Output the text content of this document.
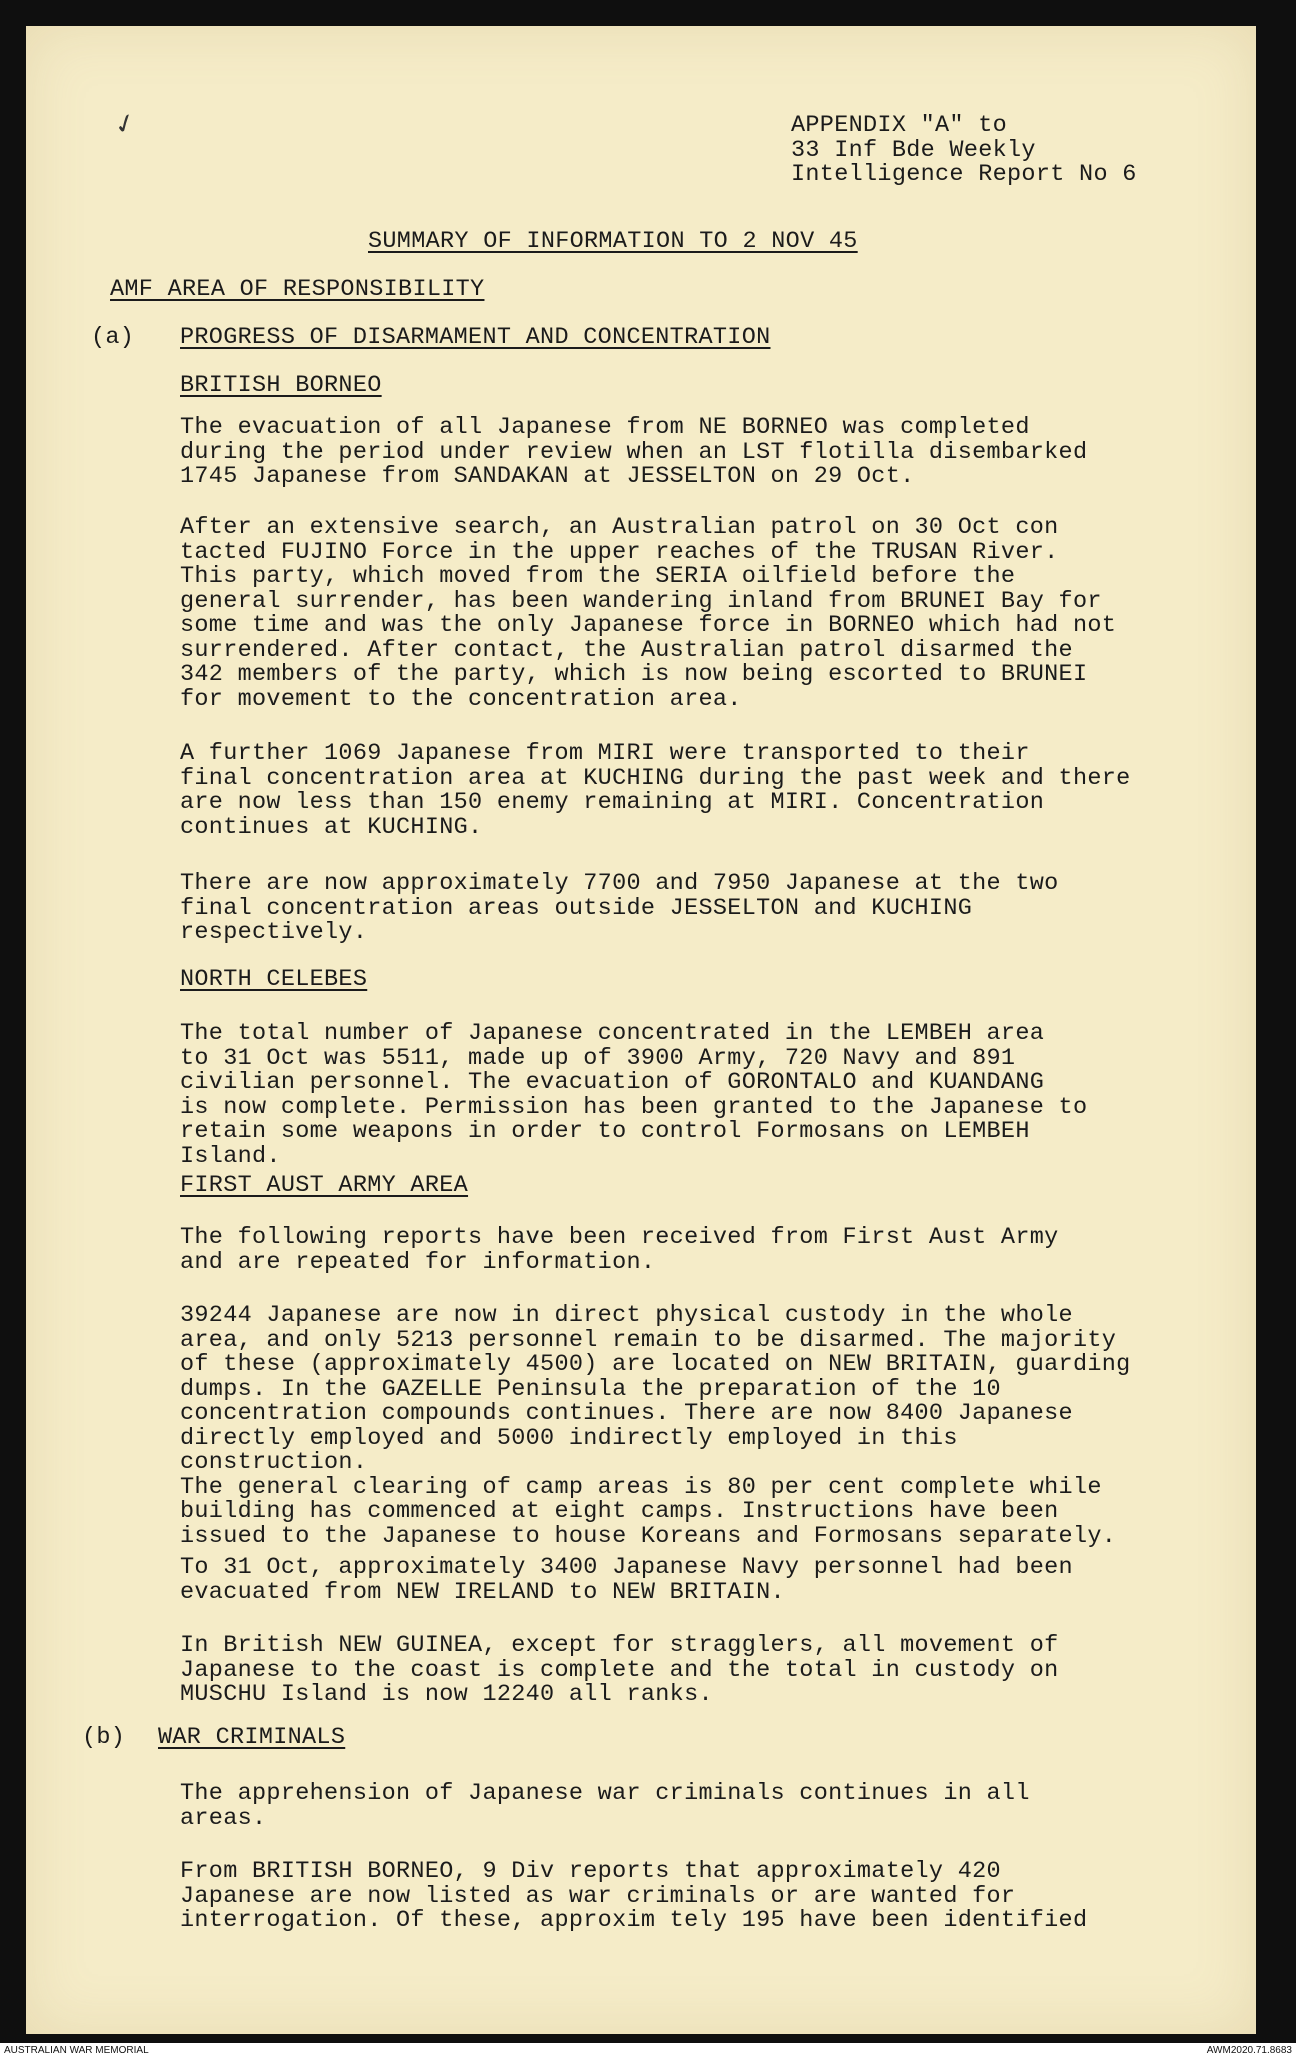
✓	APPENDIX "A" to
33 Inf Bde Weekly
Intelligence Report No 6
SUMMARY OF INFORMATION TO 2 NOV 45
AMF AREA OF RESPONSIBILITY
(a) PROGRESS OF DISARMAMENT AND CONCENTRATION
BRITISH BORNEO
The evacuation of all Japanese from NE BORNEO was completed
during the period under review when an LST flotilla disembarked
1745 Japanese from SANDAKAN at JESSELTON on 29 Oct.
After an extensive search, an Australian patrol on 30 Oct con
tacted FUJINO Force in the upper reaches of the TRUSAN River.
This party, which moved from the SERIA oilfield before the
general surrender, has been wandering inland from BRUNEI Bay for
some time and was the only Japanese force in BORNEO which had not
surrendered. After contact, the Australian patrol disarmed the
342 members of the party, which is now being escorted to BRUNEI
for movement to the concentration area.
A further 1069 Japanese from MIRI were transported to their
final concentration area at KUCHING during the past week and there
are now less than 150 enemy remaining at MIRI. Concentration
continues at KUCHING.
There are now approximately 7700 and 7950 Japanese at the two
final concentration areas outside JESSELTON and KUCHING
respectively.
NORTH CELEBES
The total number of Japanese concentrated in the LEMBEH area
to 31 Oct was 5511, made up of 3900 Army, 720 Navy and 891
civilian personnel. The evacuation of GORONTALO and KUANDANG
is now complete. Permission has been granted to the Japanese to
retain some weapons in order to control Formosans on LEMBEH Island.
FIRST AUST ARMY AREA
The following reports have been received from First Aust Army
and are repeated for information.
39244 Japanese are now in direct physical custody in the whole
area, and only 5213 personnel remain to be disarmed. The majority
of these (approximately 4500) are located on NEW BRITAIN, guarding
dumps. In the GAZELLE Peninsula the preparation of the 10
concentration compounds continues. There are now 8400 Japanese
directly employed and 5000 indirectly employed in this construction.
The general clearing of camp areas is 80 per cent complete while
building has commenced at eight camps. Instructions have been
issued to the Japanese to house Koreans and Formosans separately.
To 31 Oct, approximately 3400 Japanese Navy personnel had been
evacuated from NEW IRELAND to NEW BRITAIN.
In British NEW GUINEA, except for stragglers, all movement of
Japanese to the coast is complete and the total in custody on
MUSCHU Island is now 12240 all ranks.
(b) WAR CRIMINALS
The apprehension of Japanese war criminals continues in all
areas.
From BRITISH BORNEO, 9 Div reports that approximately 420
Japanese are now listed as war criminals or are wanted for
interrogation. Of these, approxim tely 195 have been identified
AUSTRALIAN WAR MEMORIAL	AWM2020.71.8683
